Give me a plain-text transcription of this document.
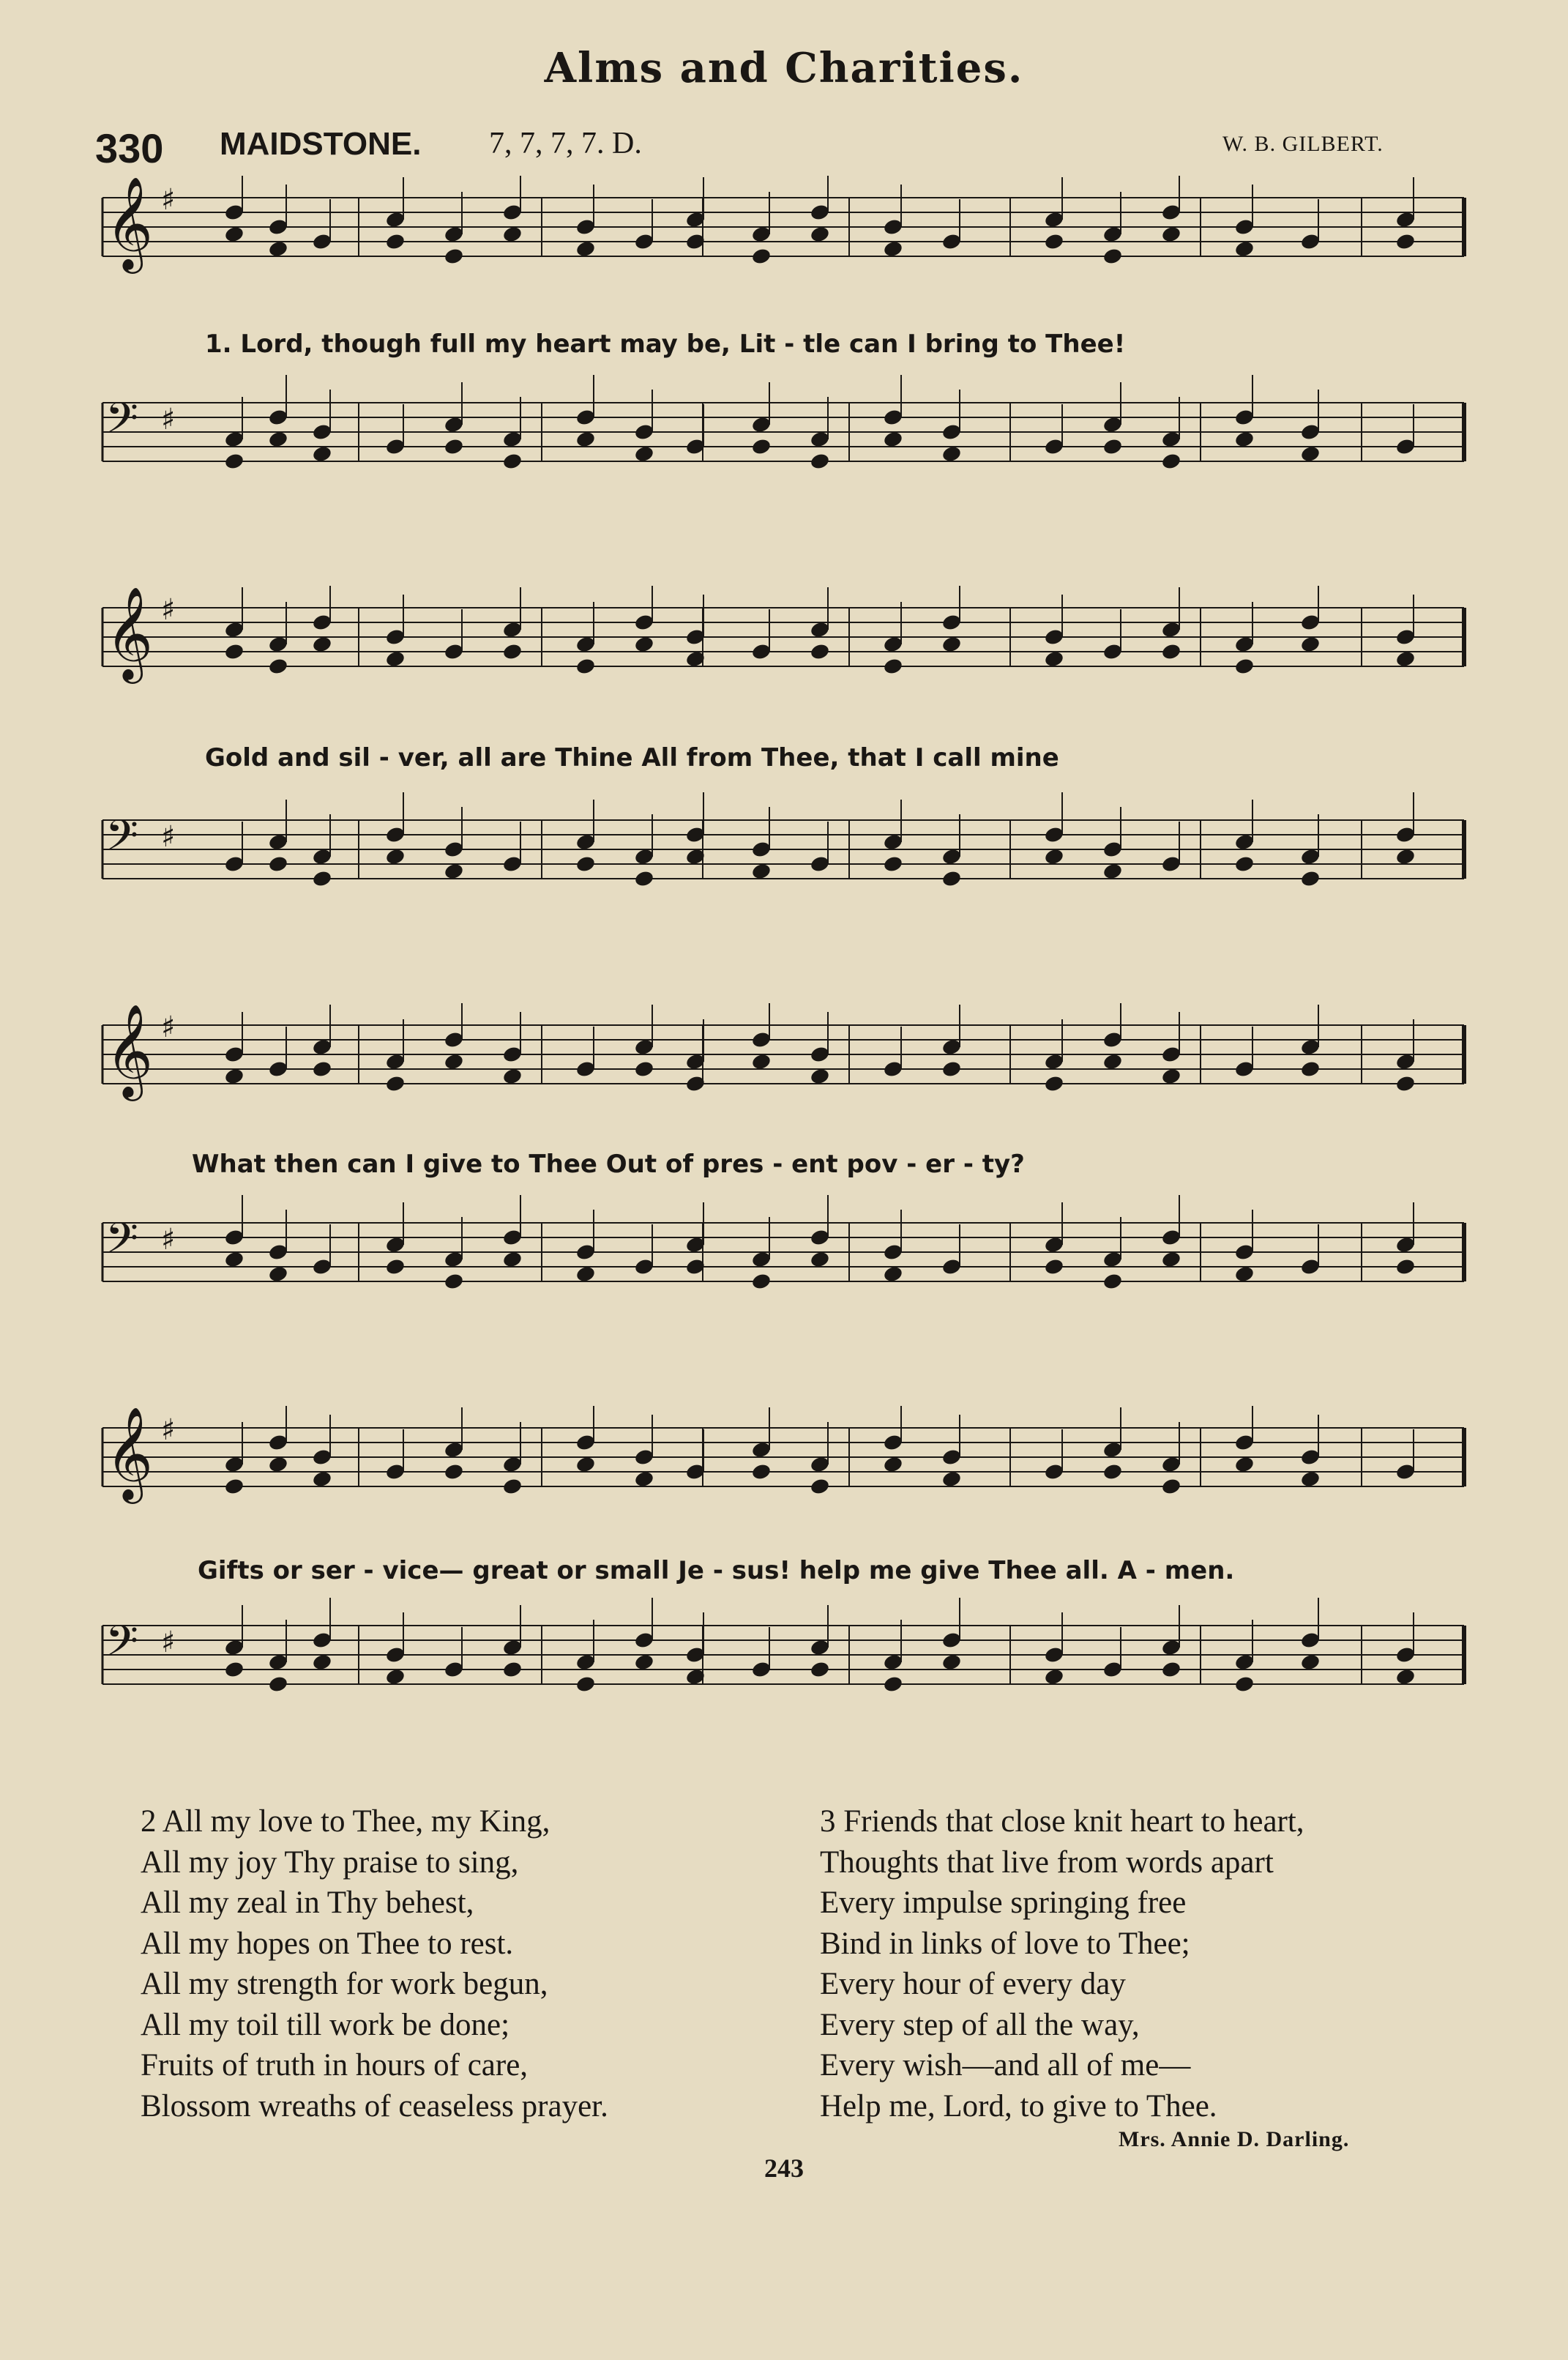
Alms and Charities.
330 MAIDSTONE. 7, 7, 7, 7. D.	W. B. GILBERT.
𝄞 ♯
𝄢 ♯
1. Lord, though full my heart may be, Lit - tle can I bring to Thee!
𝄞 ♯
𝄢 ♯
Gold and sil - ver, all are Thine All from Thee, that I call mine
𝄞 ♯
𝄢 ♯
What then can I give to Thee Out of pres - ent pov - er - ty?
𝄞 ♯
𝄢 ♯
Gifts or ser - vice— great or small Je - sus! help me give Thee all. A - men.
2 All my love to Thee, my King,
All my joy Thy praise to sing,
All my zeal in Thy behest,
All my hopes on Thee to rest.
All my strength for work begun,
All my toil till work be done;
Fruits of truth in hours of care,
Blossom wreaths of ceaseless prayer.
3 Friends that close knit heart to heart,
Thoughts that live from words apart
Every impulse springing free
Bind in links of love to Thee;
Every hour of every day
Every step of all the way,
Every wish—and all of me—
Help me, Lord, to give to Thee.
Mrs. Annie D. Darling.
243
